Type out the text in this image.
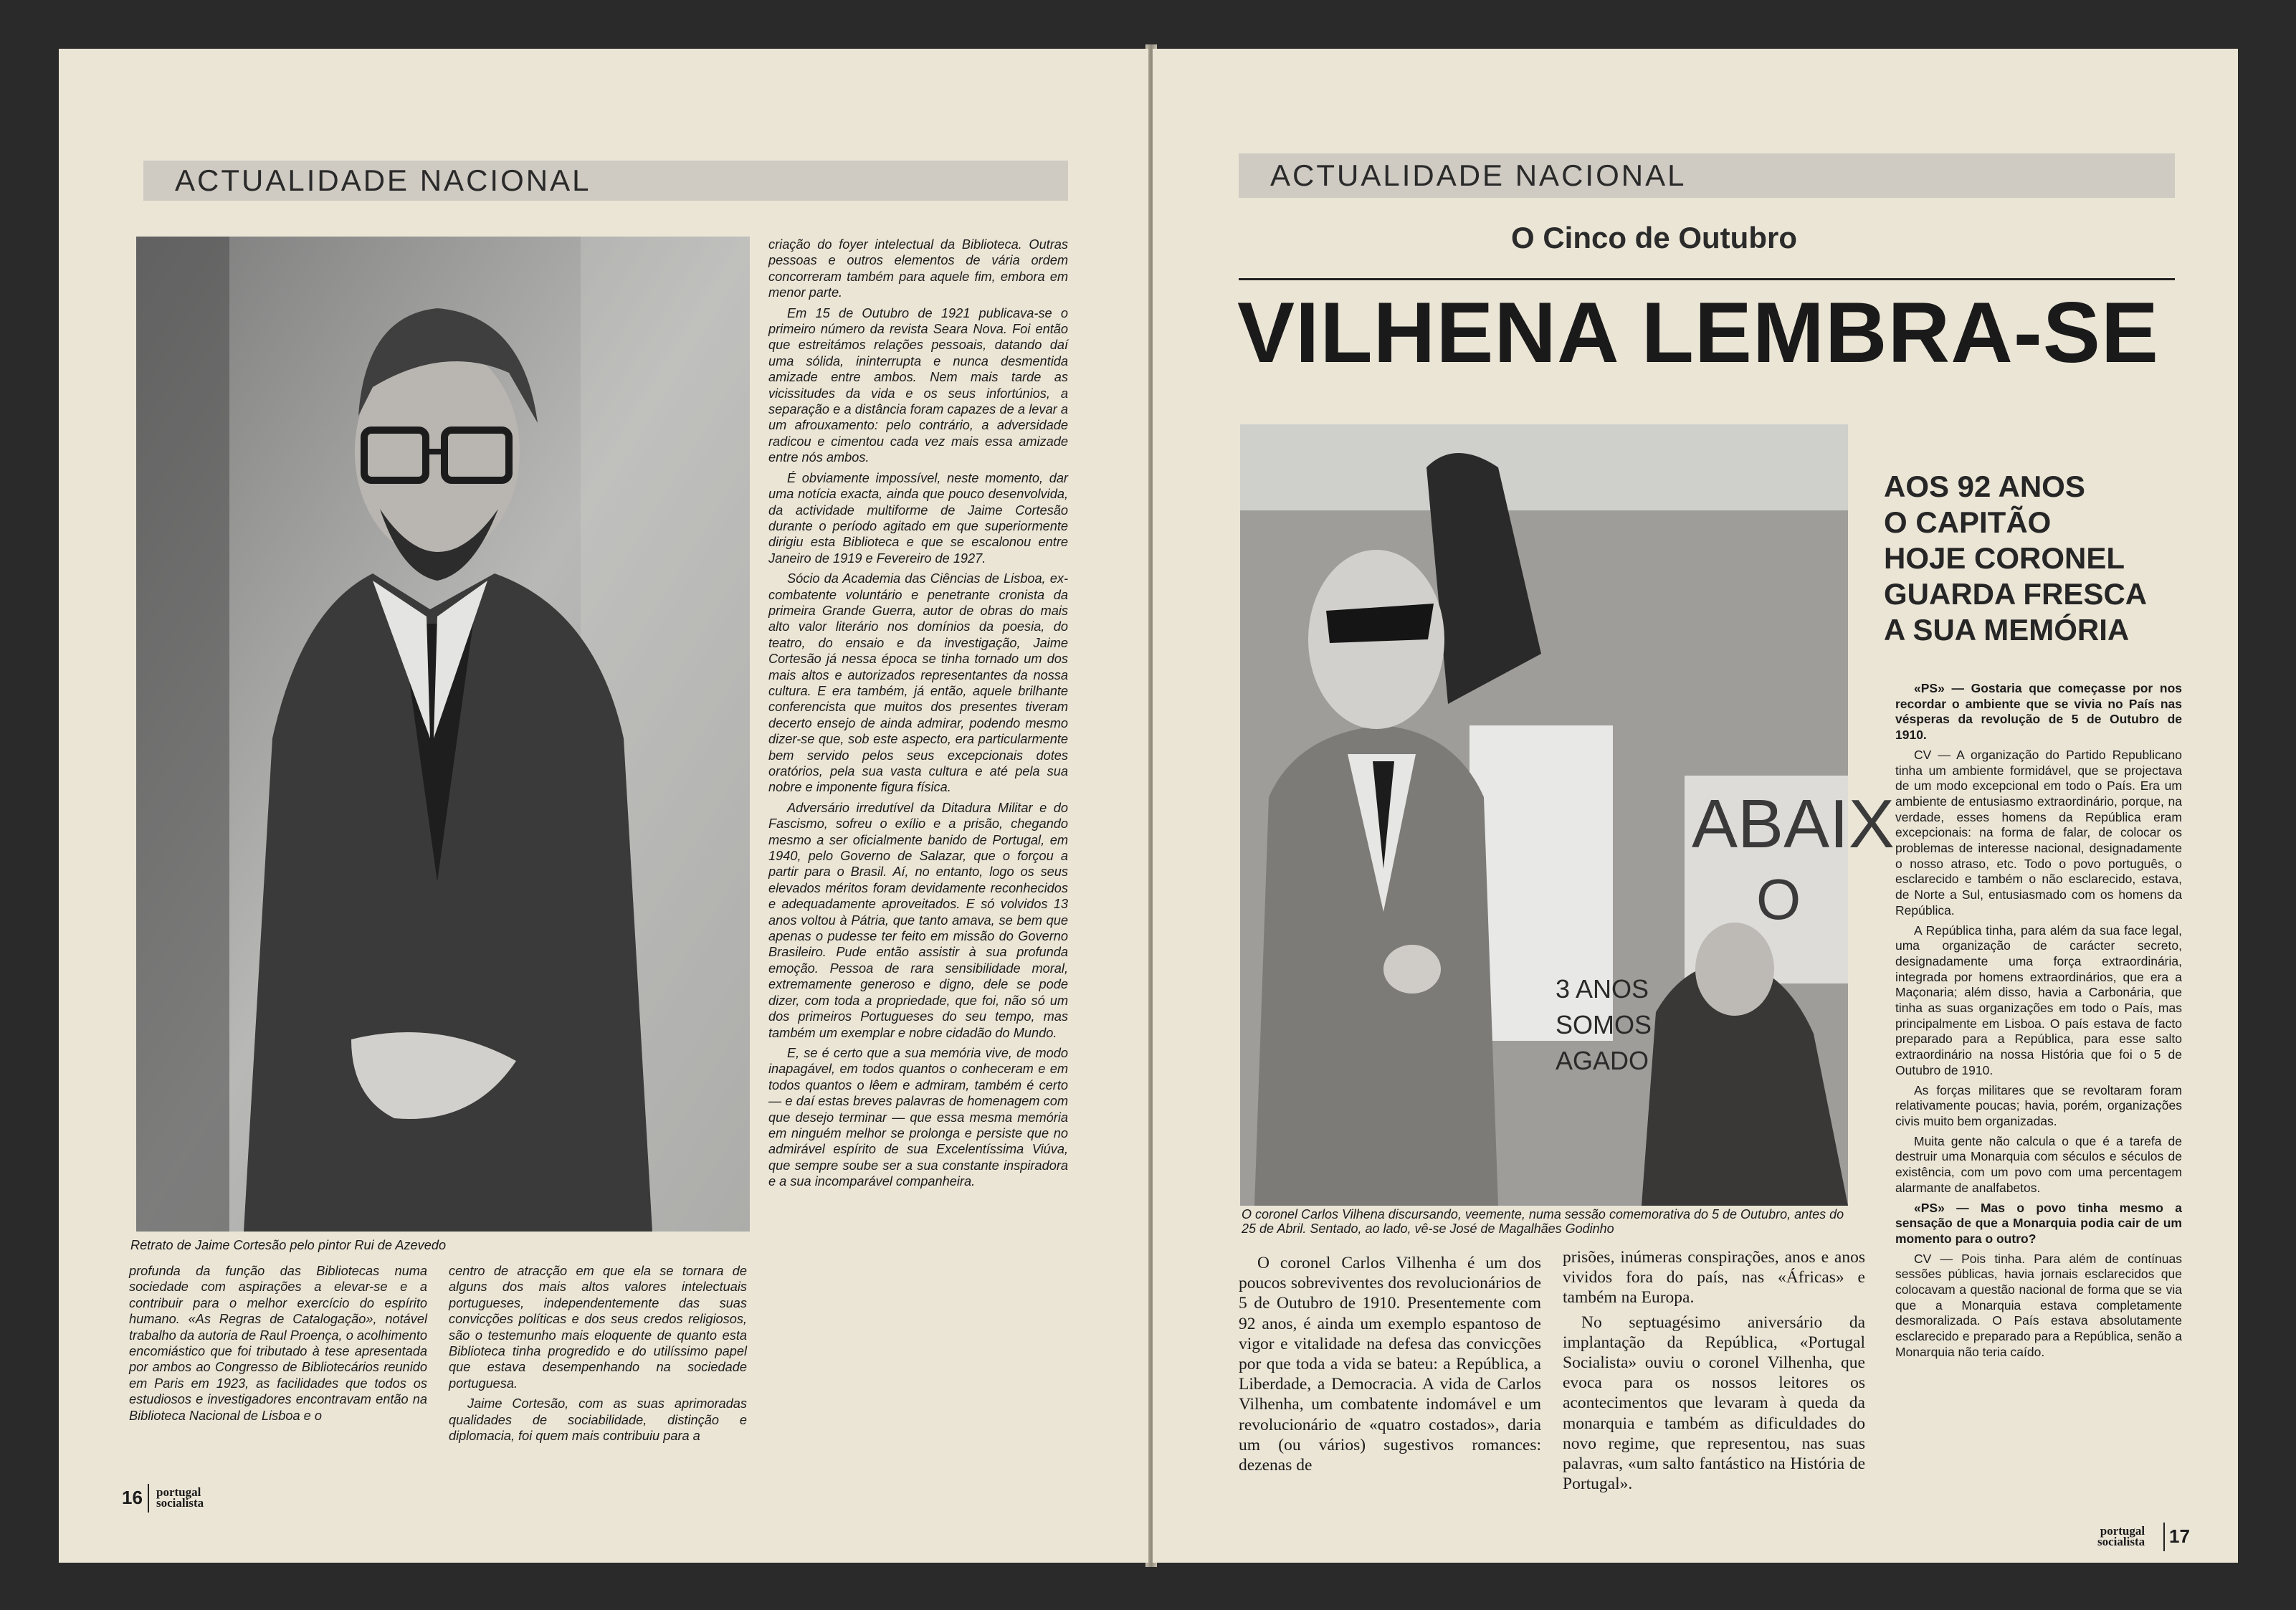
ACTUALIDADE NACIONAL
Retrato de Jaime Cortesão pelo pintor Rui de Azevedo

profunda da função das Bibliotecas numa sociedade com aspirações a elevar-se e a contribuir para o melhor exercício do espírito humano. «As Regras de Catalogação», notável trabalho da autoria de Raul Proença, o acolhimento encomiástico que foi tributado à tese apresentada por ambos ao Congresso de Bibliotecários reunido em Paris em 1923, as facilidades que todos os estudiosos e investigadores encontravam então na Biblioteca Nacional de Lisboa e o

centro de atracção em que ela se tornara de alguns dos mais altos valores intelectuais portugueses, independentemente das suas convicções políticas e dos seus credos religiosos, são o testemunho mais eloquente de quanto esta Biblioteca tinha progredido e do utilíssimo papel que estava desempenhando na sociedade portuguesa.

Jaime Cortesão, com as suas aprimoradas qualidades de sociabilidade, distinção e diplomacia, foi quem mais contribuiu para a

criação do foyer intelectual da Biblioteca. Outras pessoas e outros elementos de vária ordem concorreram também para aquele fim, embora em menor parte.

Em 15 de Outubro de 1921 publicava-se o primeiro número da revista Seara Nova. Foi então que estreitámos relações pessoais, datando daí uma sólida, ininterrupta e nunca desmentida amizade entre ambos. Nem mais tarde as vicissitudes da vida e os seus infortúnios, a separação e a distância foram capazes de a levar a um afrouxamento: pelo contrário, a adversidade radicou e cimentou cada vez mais essa amizade entre nós ambos.

É obviamente impossível, neste momento, dar uma notícia exacta, ainda que pouco desenvolvida, da actividade multiforme de Jaime Cortesão durante o período agitado em que superiormente dirigiu esta Biblioteca e que se escalonou entre Janeiro de 1919 e Fevereiro de 1927.

Sócio da Academia das Ciências de Lisboa, ex-combatente voluntário e penetrante cronista da primeira Grande Guerra, autor de obras do mais alto valor literário nos domínios da poesia, do teatro, do ensaio e da investigação, Jaime Cortesão já nessa época se tinha tornado um dos mais altos e autorizados representantes da nossa cultura. E era também, já então, aquele brilhante conferencista que muitos dos presentes tiveram decerto ensejo de ainda admirar, podendo mesmo dizer-se que, sob este aspecto, era particularmente bem servido pelos seus excepcionais dotes oratórios, pela sua vasta cultura e até pela sua nobre e imponente figura física.

Adversário irredutível da Ditadura Militar e do Fascismo, sofreu o exílio e a prisão, chegando mesmo a ser oficialmente banido de Portugal, em 1940, pelo Governo de Salazar, que o forçou a partir para o Brasil. Aí, no entanto, logo os seus elevados méritos foram devidamente reconhecidos e adequadamente aproveitados. E só volvidos 13 anos voltou à Pátria, que tanto amava, se bem que apenas o pudesse ter feito em missão do Governo Brasileiro. Pude então assistir à sua profunda emoção. Pessoa de rara sensibilidade moral, extremamente generoso e digno, dele se pode dizer, com toda a propriedade, que foi, não só um dos primeiros Portugueses do seu tempo, mas também um exemplar e nobre cidadão do Mundo.

E, se é certo que a sua memória vive, de modo inapagável, em todos quantos o conheceram e em todos quantos o lêem e admiram, também é certo — e daí estas breves palavras de homenagem com que desejo terminar — que essa mesma memória em ninguém melhor se prolonga e persiste que no admirável espírito de sua Excelentíssima Viúva, que sempre soube ser a sua constante inspiradora e a sua incomparável companheira.

16 portugal
socialista
ACTUALIDADE NACIONAL
O Cinco de Outubro
VILHENA LEMBRA-SE
ABAIX
O
3 ANOS
SOMOS
AGADO
O coronel Carlos Vilhena discursando, veemente, numa sessão comemorativa do 5 de Outubro, antes do 25 de Abril. Sentado, ao lado, vê-se José de Magalhães Godinho
AOS 92 ANOS
O CAPITÃO
HOJE CORONEL
GUARDA FRESCA
A SUA MEMÓRIA

«PS» — Gostaria que começasse por nos recordar o ambiente que se vivia no País nas vésperas da revolução de 5 de Outubro de 1910.

CV — A organização do Partido Republicano tinha um ambiente formidável, que se projectava de um modo excepcional em todo o País. Era um ambiente de entusiasmo extraordinário, porque, na verdade, esses homens da República eram excepcionais: na forma de falar, de colocar os problemas de interesse nacional, designadamente o nosso atraso, etc. Todo o povo português, o esclarecido e também o não esclarecido, estava, de Norte a Sul, entusiasmado com os homens da República.

A República tinha, para além da sua face legal, uma organização de carácter secreto, designadamente uma força extraordinária, integrada por homens extraordinários, que era a Maçonaria; além disso, havia a Carbonária, que tinha as suas organizações em todo o País, mas principalmente em Lisboa. O país estava de facto preparado para a República, para esse salto extraordinário na nossa História que foi o 5 de Outubro de 1910.

As forças militares que se revoltaram foram relativamente poucas; havia, porém, organizações civis muito bem organizadas.

Muita gente não calcula o que é a tarefa de destruir uma Monarquia com séculos e séculos de existência, com um povo com uma percentagem alarmante de analfabetos.

«PS» — Mas o povo tinha mesmo a sensação de que a Monarquia podia cair de um momento para o outro?

CV — Pois tinha. Para além de contínuas sessões públicas, havia jornais esclarecidos que colocavam a questão nacional de forma que se via que a Monarquia estava completamente desmoralizada. O País estava absolutamente esclarecido e preparado para a República, senão a Monarquia não teria caído.

O coronel Carlos Vilhenha é um dos poucos sobreviventes dos revolucionários de 5 de Outubro de 1910. Presentemente com 92 anos, é ainda um exemplo espantoso de vigor e vitalidade na defesa das convicções por que toda a vida se bateu: a República, a Liberdade, a Democracia. A vida de Carlos Vilhenha, um combatente indomável e um revolucionário de «quatro costados», daria um (ou vários) sugestivos romances: dezenas de

prisões, inúmeras conspirações, anos e anos vividos fora do país, nas «Áfricas» e também na Europa.

No septuagésimo aniversário da implantação da República, «Portugal Socialista» ouviu o coronel Vilhenha, que evoca para os nossos leitores os acontecimentos que levaram à queda da monarquia e também as dificuldades do novo regime, que representou, nas suas palavras, «um salto fantástico na História de Portugal».

portugal
socialista 17
